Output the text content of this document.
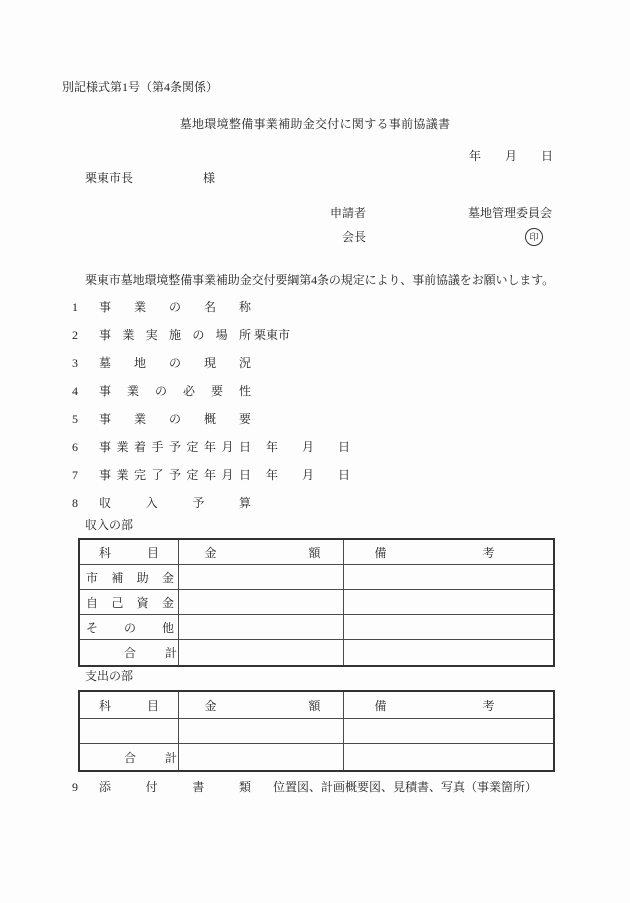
別記様式第1号（第4条関係）
墓地環境整備事業補助金交付に関する事前協議書
年　　月　　日
栗東市長	様
申請者	墓地管理委員会
会長	印
栗東市墓地環境整備事業補助金交付要綱第4条の規定により、事前協議をお願いします。
1 事業の名称
2 事業実施の場所 栗東市
3 墓地の現況
4 事業の必要性
5 事業の概要
6 事業着手予定年月日 年　　月　　日
7 事業完了予定年月日 年　　月　　日
8 収入予算
収入の部
科目	金額	備考
市補助金		
自己資金		
その他		
合計		
支出の部
科目	金額	備考

合計		
9 添付書類 位置図、計画概要図、見積書、写真（事業箇所）
